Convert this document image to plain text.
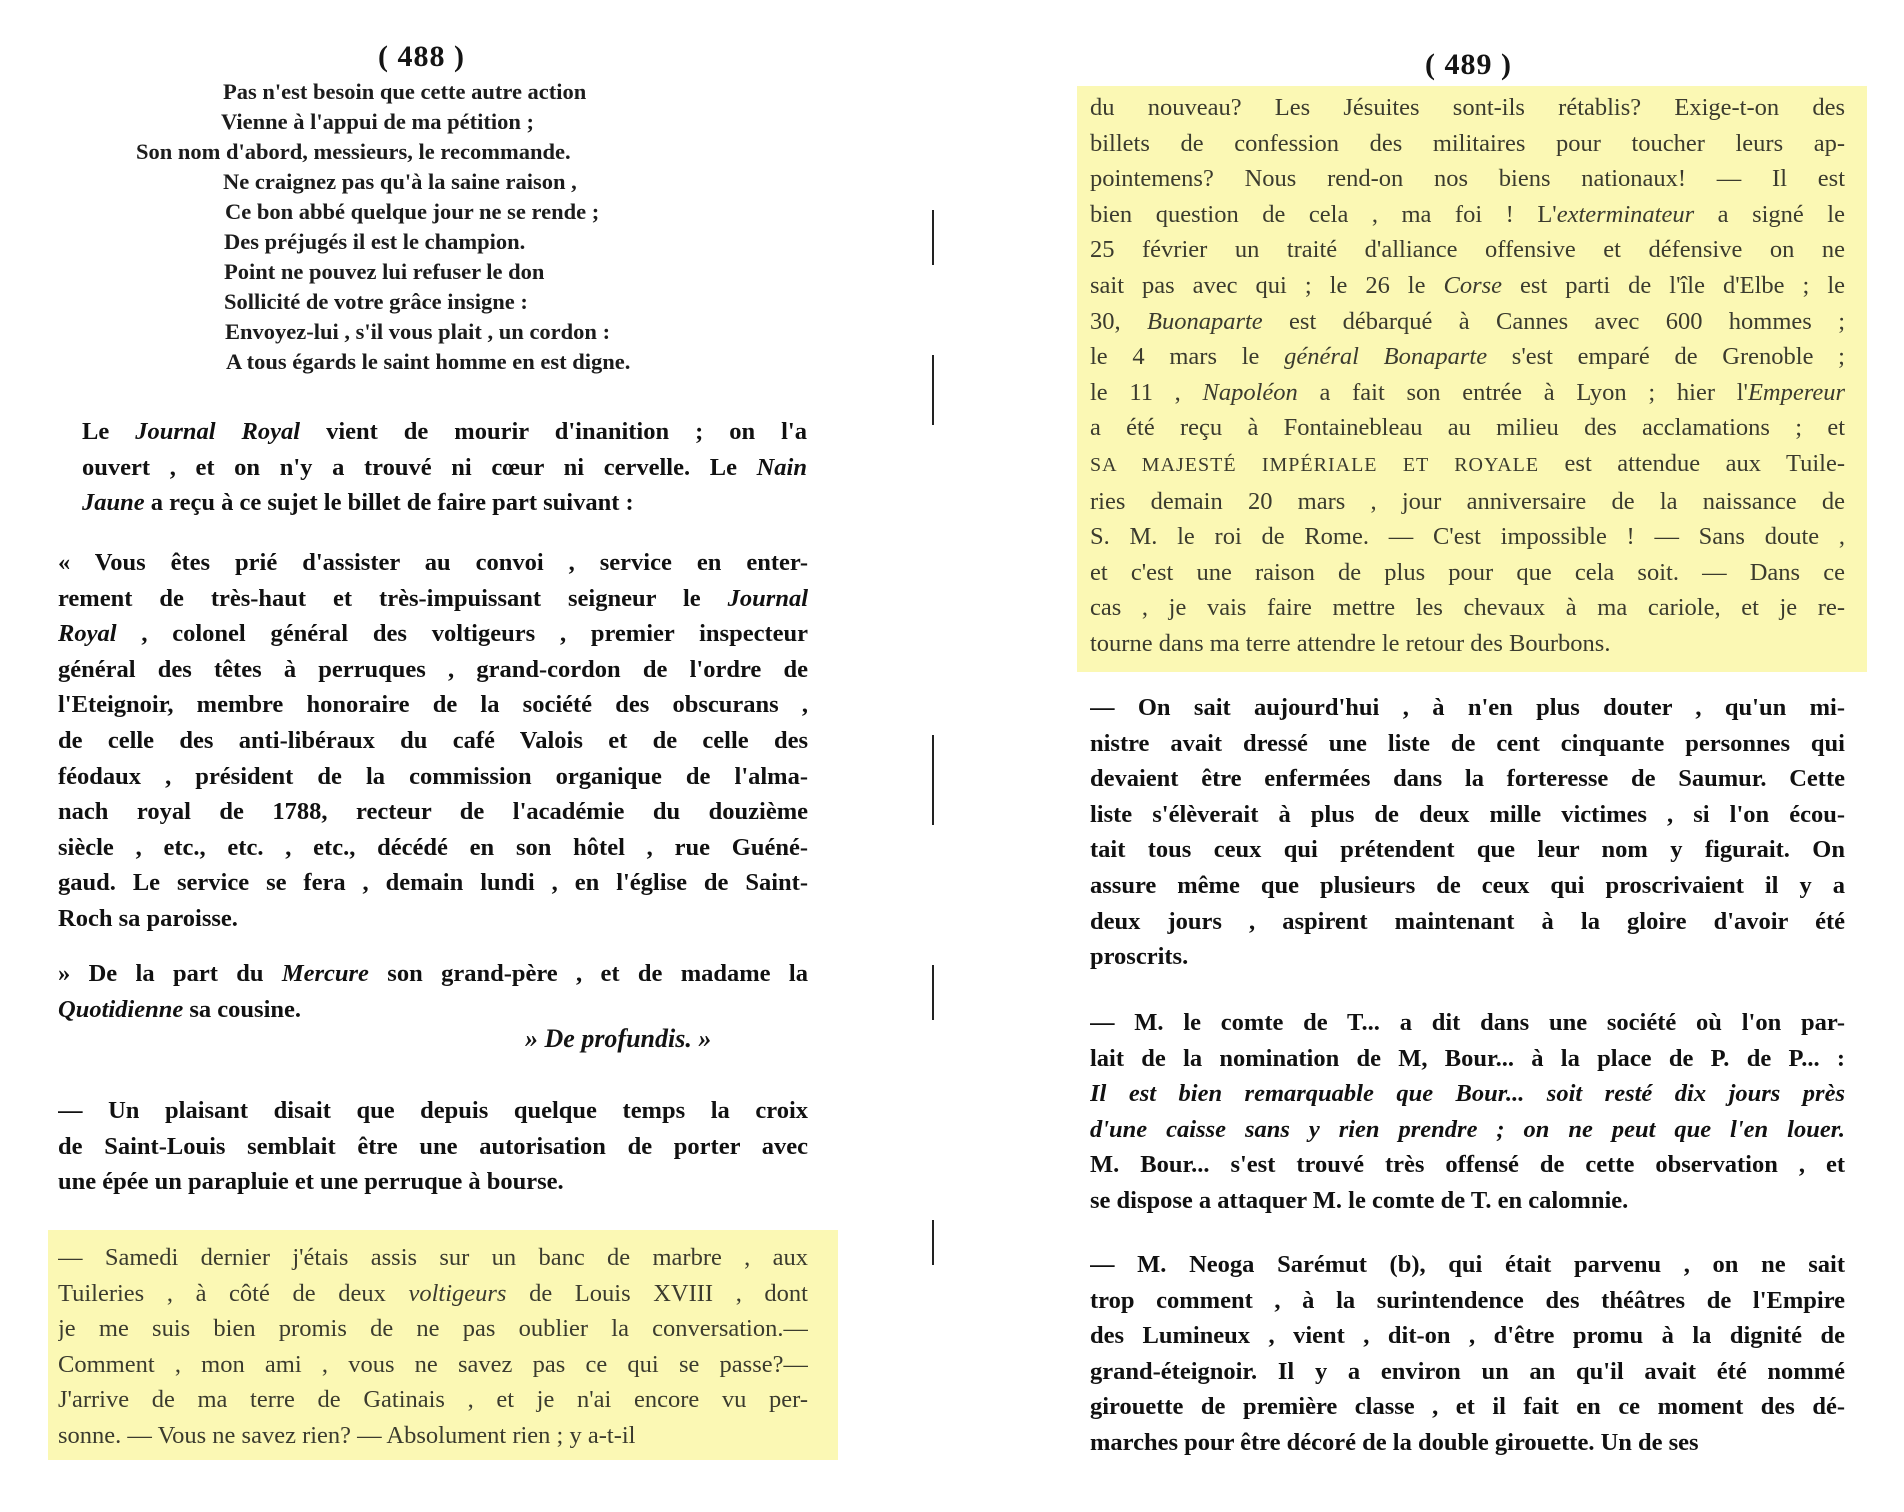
( 488 )
Pas n'est besoin que cette autre action
Vienne à l'appui de ma pétition ;
Son nom d'abord, messieurs, le recommande.
Ne craignez pas qu'à la saine raison ,
Ce bon abbé quelque jour ne se rende ;
Des préjugés il est le champion.
Point ne pouvez lui refuser le don
Sollicité de votre grâce insigne :
Envoyez-lui , s'il vous plait , un cordon :
A tous égards le saint homme en est digne.
Le Journal Royal vient de mourir d'inanition ; on l'a
ouvert , et on n'y a trouvé ni cœur ni cervelle. Le Nain
Jaune a reçu à ce sujet le billet de faire part suivant :
« Vous êtes prié d'assister au convoi , service en enter-
rement de très-haut et très-impuissant seigneur le Journal
Royal , colonel général des voltigeurs , premier inspecteur
général des têtes à perruques , grand-cordon de l'ordre de
l'Eteignoir, membre honoraire de la société des obscurans ,
de celle des anti-libéraux du café Valois et de celle des
féodaux , président de la commission organique de l'alma-
nach royal de 1788, recteur de l'académie du douzième
siècle , etc., etc. , etc., décédé en son hôtel , rue Guéné-
gaud. Le service se fera , demain lundi , en l'église de Saint-
Roch sa paroisse.
» De la part du Mercure son grand-père , et de madame la
Quotidienne sa cousine.
» De profundis. »
— Un plaisant disait que depuis quelque temps la croix
de Saint-Louis semblait être une autorisation de porter avec
une épée un parapluie et une perruque à bourse.
— Samedi dernier j'étais assis sur un banc de marbre , aux
Tuileries , à côté de deux voltigeurs de Louis XVIII , dont
je me suis bien promis de ne pas oublier la conversation.—
Comment , mon ami , vous ne savez pas ce qui se passe?—
J'arrive de ma terre de Gatinais , et je n'ai encore vu per-
sonne. — Vous ne savez rien? — Absolument rien ; y a-t-il
( 489 )
du nouveau? Les Jésuites sont-ils rétablis? Exige-t-on des
billets de confession des militaires pour toucher leurs ap-
pointemens? Nous rend-on nos biens nationaux! — Il est
bien question de cela , ma foi ! L'exterminateur a signé le
25 février un traité d'alliance offensive et défensive on ne
sait pas avec qui ; le 26 le Corse est parti de l'île d'Elbe ; le
30, Buonaparte est débarqué à Cannes avec 600 hommes ;
le 4 mars le général Bonaparte s'est emparé de Grenoble ;
le 11 , Napoléon a fait son entrée à Lyon ; hier l'Empereur
a été reçu à Fontainebleau au milieu des acclamations ; et
SA MAJESTÉ IMPÉRIALE ET ROYALE est attendue aux Tuile-
ries demain 20 mars , jour anniversaire de la naissance de
S. M. le roi de Rome. — C'est impossible ! — Sans doute ,
et c'est une raison de plus pour que cela soit. — Dans ce
cas , je vais faire mettre les chevaux à ma cariole, et je re-
tourne dans ma terre attendre le retour des Bourbons.
— On sait aujourd'hui , à n'en plus douter , qu'un mi-
nistre avait dressé une liste de cent cinquante personnes qui
devaient être enfermées dans la forteresse de Saumur. Cette
liste s'élèverait à plus de deux mille victimes , si l'on écou-
tait tous ceux qui prétendent que leur nom y figurait. On
assure même que plusieurs de ceux qui proscrivaient il y a
deux jours , aspirent maintenant à la gloire d'avoir été
proscrits.
— M. le comte de T... a dit dans une société où l'on par-
lait de la nomination de M, Bour... à la place de P. de P... :
Il est bien remarquable que Bour... soit resté dix jours près
d'une caisse sans y rien prendre ; on ne peut que l'en louer.
M. Bour... s'est trouvé très offensé de cette observation , et
se dispose a attaquer M. le comte de T. en calomnie.
— M. Neoga Sarémut (b), qui était parvenu , on ne sait
trop comment , à la surintendence des théâtres de l'Empire
des Lumineux , vient , dit-on , d'être promu à la dignité de
grand-éteignoir. Il y a environ un an qu'il avait été nommé
girouette de première classe , et il fait en ce moment des dé-
marches pour être décoré de la double girouette. Un de ses
